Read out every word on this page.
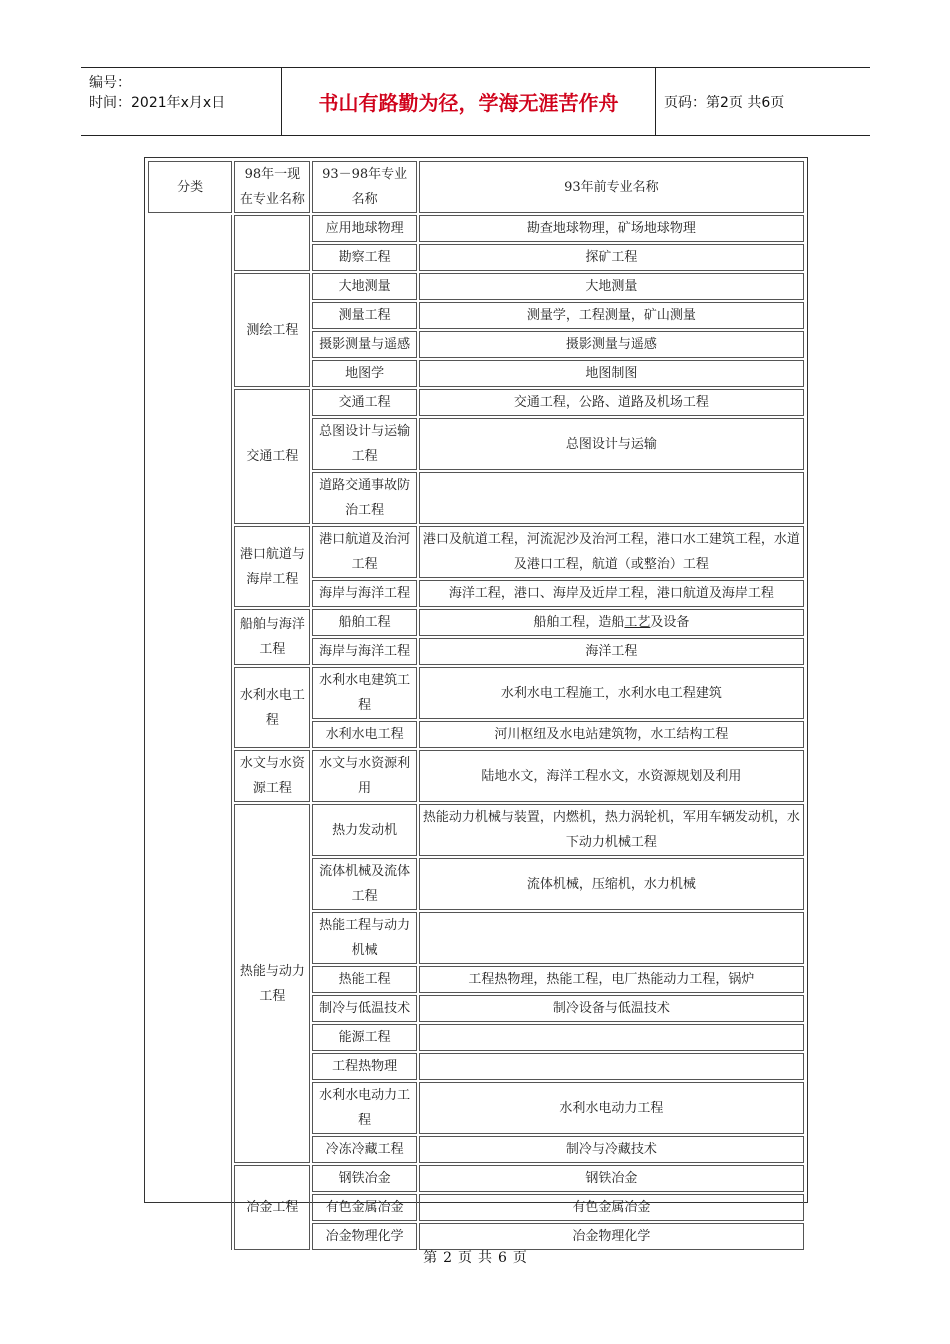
编号：
时间：2021年x月x日	书山有路勤为径，学海无涯苦作舟	页码：第2页 共6页
分类	98年一现在专业名称	93－98年专业名称	93年前专业名称
		应用地球物理	勘查地球物理，矿场地球物理
		勘察工程	探矿工程
	测绘工程	大地测量	大地测量
		测量工程	测量学，工程测量，矿山测量
		摄影测量与遥感	摄影测量与遥感
		地图学	地图制图
	交通工程	交通工程	交通工程，公路、道路及机场工程
		总图设计与运输工程	总图设计与运输
		道路交通事故防治工程	
	港口航道与海岸工程	港口航道及治河工程	港口及航道工程，河流泥沙及治河工程，港口水工建筑工程，水道及港口工程，航道（或整治）工程
		海岸与海洋工程	海洋工程，港口、海岸及近岸工程，港口航道及海岸工程
	船舶与海洋工程	船舶工程	船舶工程，造船工艺及设备
		海岸与海洋工程	海洋工程
	水利水电工程	水利水电建筑工程	水利水电工程施工，水利水电工程建筑
		水利水电工程	河川枢纽及水电站建筑物，水工结构工程
	水文与水资源工程	水文与水资源利用	陆地水文，海洋工程水文，水资源规划及利用
	热能与动力工程	热力发动机	热能动力机械与装置，内燃机，热力涡轮机，军用车辆发动机，水下动力机械工程
		流体机械及流体工程	流体机械，压缩机，水力机械
		热能工程与动力机械	
		热能工程	工程热物理，热能工程，电厂热能动力工程，锅炉
		制冷与低温技术	制冷设备与低温技术
		能源工程	
		工程热物理	
		水利水电动力工程	水利水电动力工程
		冷冻冷藏工程	制冷与冷藏技术
	冶金工程	钢铁冶金	钢铁冶金
		有色金属冶金	有色金属冶金
		冶金物理化学	冶金物理化学
第 2 页 共 6 页
